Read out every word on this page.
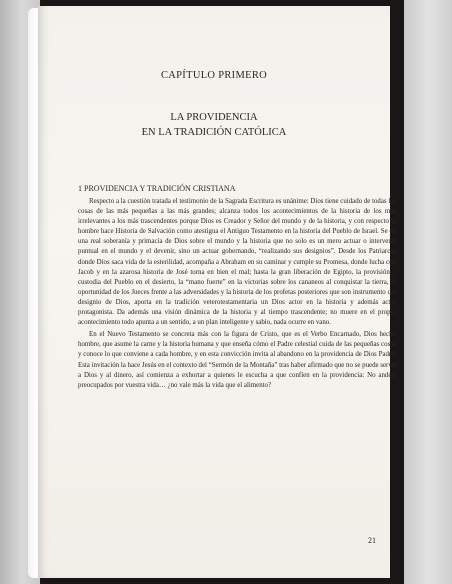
CAPÍTULO PRIMERO
LA PROVIDENCIA
EN LA TRADICIÓN CATÓLICA
1 PROVIDENCIA Y TRADICIÓN CRISTIANA

Respecto a la cuestión tratada el testimonio de la Sagrada Escritura es unánime: Dios tiene cuidado de todas las cosas de las más pequeñas a las más grandes; alcanza todos los acontecimientos de la historia de los más irrelevantes a los más trascendentes porque Dios es Creador y Señor del mundo y de la historia, y con respecto al hombre hace Historia de Salvación como atestigua el Antiguo Testamento en la historia del Pueblo de Israel. Se da una real soberanía y primacía de Dios sobre el mundo y la historia que no solo es un mero actuar o intervenir puntual en el mundo y el devenir, sino un actuar gobernando, “realizando sus designios”. Desde los Patriarcas donde Dios saca vida de la esterilidad, acompaña a Abraham en su caminar y cumple su Promesa, donde lucha con Jacob y en la azarosa historia de José torna en bien el mal; hasta la gran liberación de Egipto, la provisión y custodia del Pueblo en el desierto, la “mano fuerte” en la victorias sobre los cananeos al conquistar la tierra, la oportunidad de los Jueces frente a las adversidades y la historia de los profetas posteriores que son instrumento del designio de Dios, aporta en la tradición veterotestamentaria un Dios actor en la historia y además actor protagonista. Da además una visión dinámica de la historia y al tiempo trascendente; no muere en el propio acontecimiento todo apunta a un sentido, a un plan inteligente y sabio, nada ocurre en vano.

En el Nuevo Testamento se concreta más con la figura de Cristo, que es el Verbo Encarnado, Dios hecho hombre, que asume la carne y la historia humana y que enseña cómo el Padre celestial cuida de las pequeñas cosas y conoce lo que conviene a cada hombre, y en esta convicción invita al abandono en la providencia de Dios Padre. Esta invitación la hace Jesús en el contexto del “Sermón de la Montaña” tras haber afirmado que no se puede servir a Dios y al dinero, así comienza a exhortar a quienes le escucha a que confíen en la providencia: No andéis preocupados por vuestra vida… ¿no vale más la vida que el alimento?

21
